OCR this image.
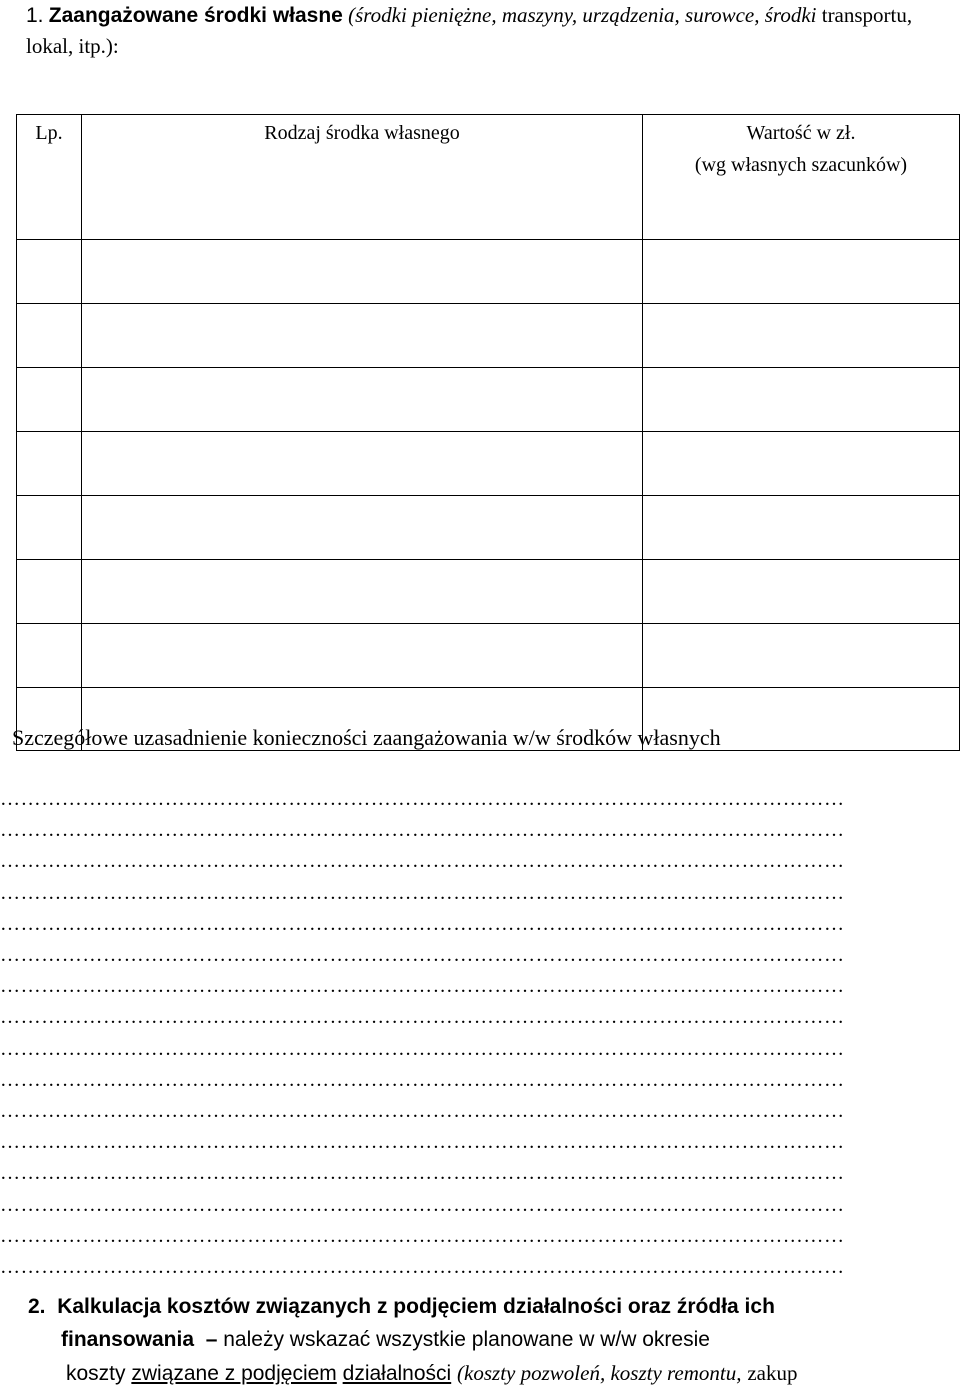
1. Zaangażowane środki własne (środki pieniężne, maszyny, urządzenia, surowce, środki transportu, lokal, itp.):
Lp.	Rodzaj środka własnego	Wartość w zł.
(wg własnych szacunków)

Szczegółowe uzasadnienie konieczności zaangażowania w/w środków własnych
……………………………………………………………………………………………………………
……………………………………………………………………………………………………………
……………………………………………………………………………………………………………
……………………………………………………………………………………………………………
……………………………………………………………………………………………………………
……………………………………………………………………………………………………………
……………………………………………………………………………………………………………
……………………………………………………………………………………………………………
……………………………………………………………………………………………………………
……………………………………………………………………………………………………………
……………………………………………………………………………………………………………
……………………………………………………………………………………………………………
……………………………………………………………………………………………………………
……………………………………………………………………………………………………………
……………………………………………………………………………………………………………
……………………………………………………………………………………………………………
2. Kalkulacja kosztów związanych z podjęciem działalności oraz źródła ich
finansowania – należy wskazać wszystkie planowane w w/w okresie
koszty związane z podjęciem działalności (koszty pozwoleń, koszty remontu, zakup
